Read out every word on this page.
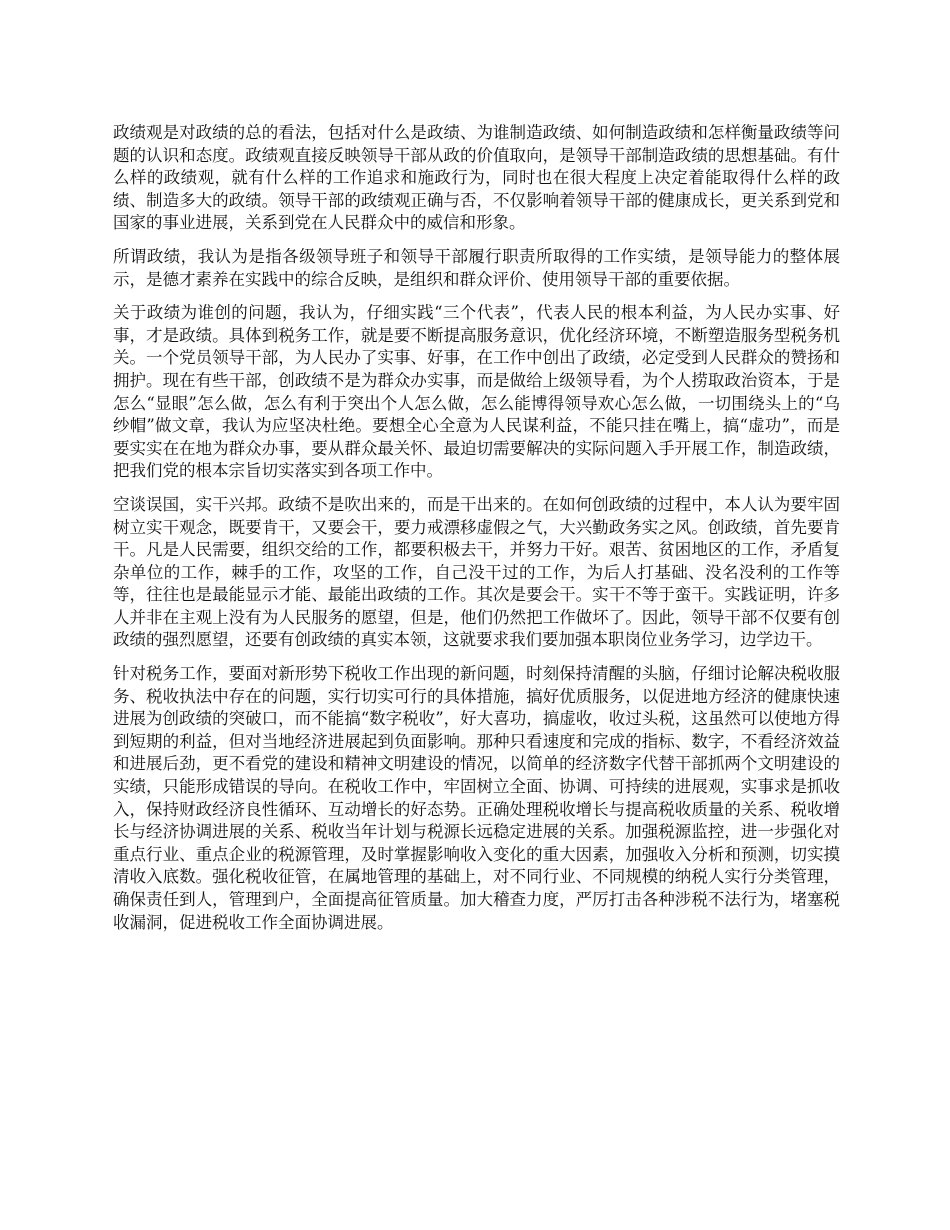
政绩观是对政绩的总的看法，包括对什么是政绩、为谁制造政绩、如何制造政绩和怎样衡量政绩等问题的认识和态度。政绩观直接反映领导干部从政的价值取向，是领导干部制造政绩的思想基础。有什么样的政绩观，就有什么样的工作追求和施政行为，同时也在很大程度上决定着能取得什么样的政绩、制造多大的政绩。领导干部的政绩观正确与否，不仅影响着领导干部的健康成长，更关系到党和国家的事业进展，关系到党在人民群众中的威信和形象。

所谓政绩，我认为是指各级领导班子和领导干部履行职责所取得的工作实绩，是领导能力的整体展示，是德才素养在实践中的综合反映，是组织和群众评价、使用领导干部的重要依据。

关于政绩为谁创的问题，我认为，仔细实践“三个代表”，代表人民的根本利益，为人民办实事、好事，才是政绩。具体到税务工作，就是要不断提高服务意识，优化经济环境，不断塑造服务型税务机关。一个党员领导干部，为人民办了实事、好事，在工作中创出了政绩，必定受到人民群众的赞扬和拥护。现在有些干部，创政绩不是为群众办实事，而是做给上级领导看，为个人捞取政治资本，于是怎么“显眼”怎么做，怎么有利于突出个人怎么做，怎么能博得领导欢心怎么做，一切围绕头上的“乌纱帽”做文章，我认为应坚决杜绝。要想全心全意为人民谋利益，不能只挂在嘴上，搞“虚功”，而是要实实在在地为群众办事，要从群众最关怀、最迫切需要解决的实际问题入手开展工作，制造政绩，把我们党的根本宗旨切实落实到各项工作中。

空谈误国，实干兴邦。政绩不是吹出来的，而是干出来的。在如何创政绩的过程中，本人认为要牢固树立实干观念，既要肯干，又要会干，要力戒漂移虚假之气，大兴勤政务实之风。创政绩，首先要肯干。凡是人民需要，组织交给的工作，都要积极去干，并努力干好。艰苦、贫困地区的工作，矛盾复杂单位的工作，棘手的工作，攻坚的工作，自己没干过的工作，为后人打基础、没名没利的工作等等，往往也是最能显示才能、最能出政绩的工作。其次是要会干。实干不等于蛮干。实践证明，许多人并非在主观上没有为人民服务的愿望，但是，他们仍然把工作做坏了。因此，领导干部不仅要有创政绩的强烈愿望，还要有创政绩的真实本领，这就要求我们要加强本职岗位业务学习，边学边干。

针对税务工作，要面对新形势下税收工作出现的新问题，时刻保持清醒的头脑，仔细讨论解决税收服务、税收执法中存在的问题，实行切实可行的具体措施，搞好优质服务，以促进地方经济的健康快速进展为创政绩的突破口，而不能搞“数字税收”，好大喜功，搞虚收，收过头税，这虽然可以使地方得到短期的利益，但对当地经济进展起到负面影响。那种只看速度和完成的指标、数字，不看经济效益和进展后劲，更不看党的建设和精神文明建设的情况，以简单的经济数字代替干部抓两个文明建设的实绩，只能形成错误的导向。在税收工作中，牢固树立全面、协调、可持续的进展观，实事求是抓收入，保持财政经济良性循环、互动增长的好态势。正确处理税收增长与提高税收质量的关系、税收增长与经济协调进展的关系、税收当年计划与税源长远稳定进展的关系。加强税源监控，进一步强化对重点行业、重点企业的税源管理，及时掌握影响收入变化的重大因素，加强收入分析和预测，切实摸清收入底数。强化税收征管，在属地管理的基础上，对不同行业、不同规模的纳税人实行分类管理，确保责任到人，管理到户，全面提高征管质量。加大稽查力度，严厉打击各种涉税不法行为，堵塞税收漏洞，促进税收工作全面协调进展。
